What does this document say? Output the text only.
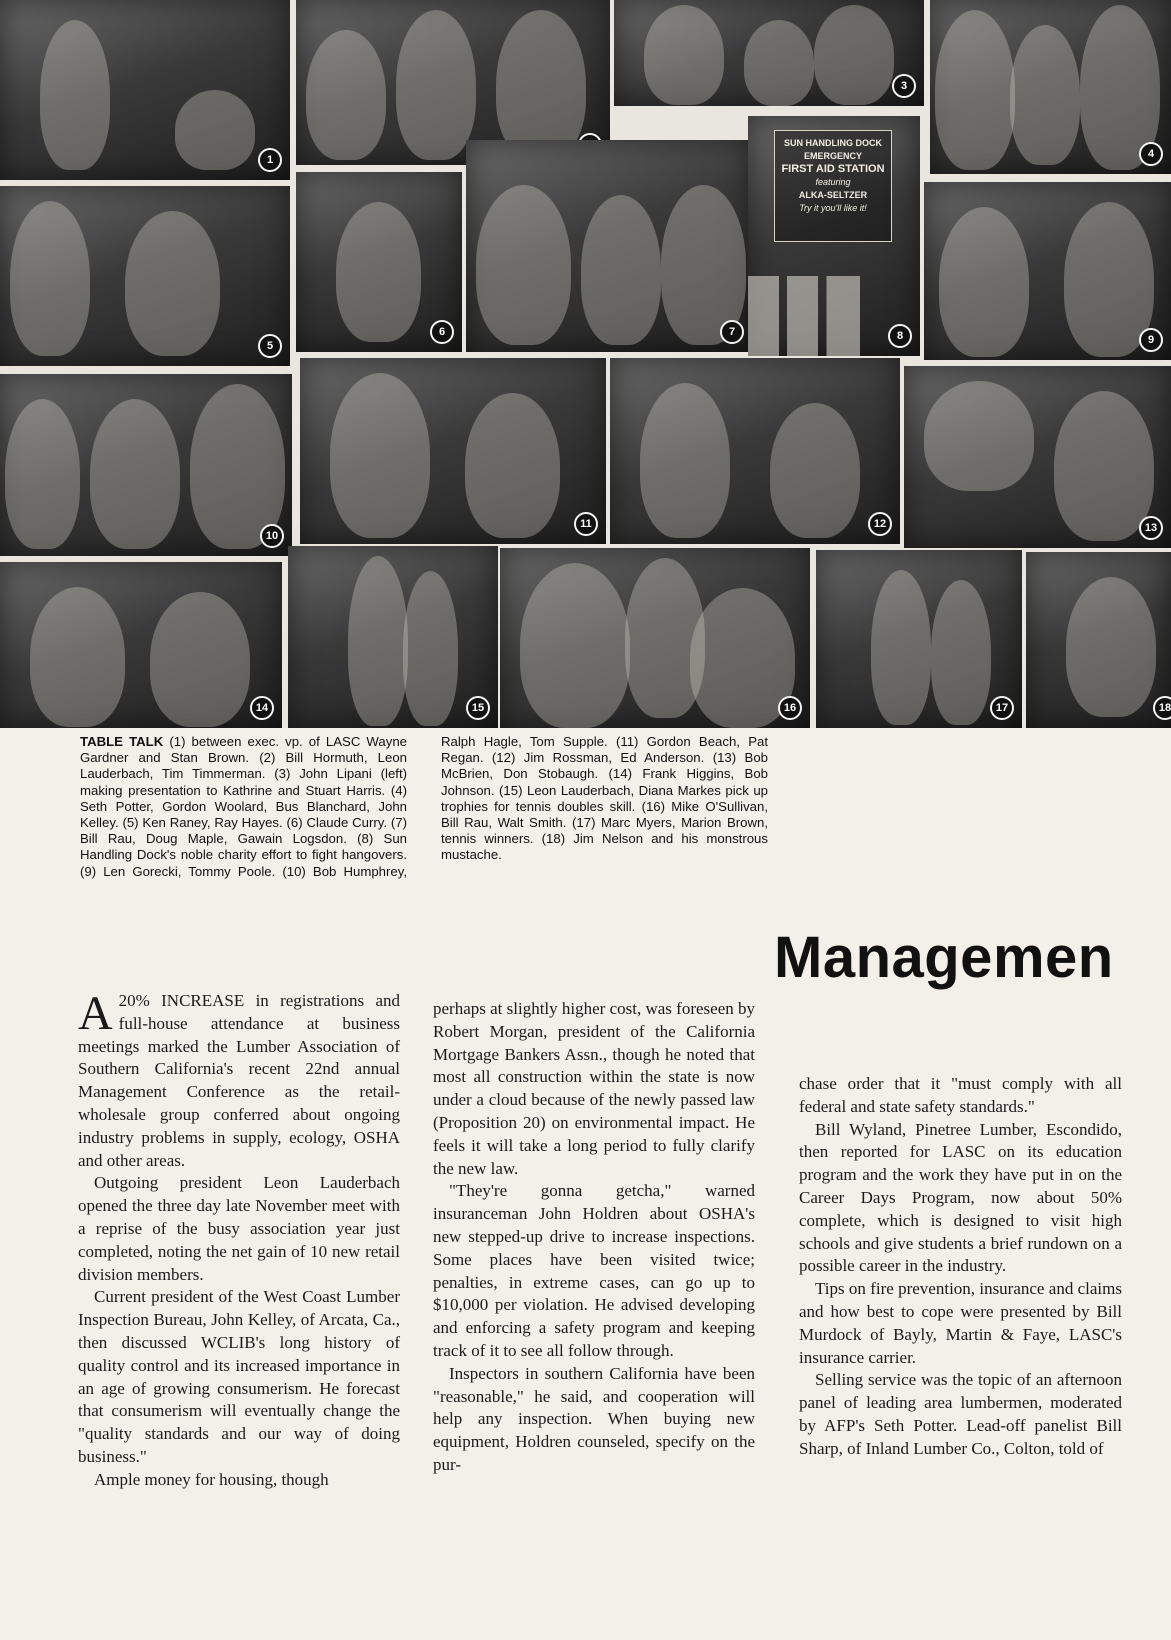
1
3
4
5
6	7
SUN HANDLING DOCK
EMERGENCY
FIRST AID STATION
featuring
ALKA-SELTZER
Try it you'll like it!
8	9
10
11	12	13
14	15	16	17	18

TABLE TALK (1) between exec. vp. of LASC Wayne Gardner and Stan Brown. (2) Bill Hormuth, Leon Lauderbach, Tim Timmerman. (3) John Lipani (left) making presentation to Kathrine and Stuart Harris. (4) Seth Potter, Gordon Woolard, Bus Blanchard, John Kelley. (5) Ken Raney, Ray Hayes. (6) Claude Curry. (7) Bill Rau, Doug Maple, Gawain Logsdon. (8) Sun Handling Dock's noble charity effort to fight hangovers. (9) Len Gorecki, Tommy Poole. (10) Bob Humphrey, Ralph Hagle, Tom Supple. (11) Gordon Beach, Pat Regan. (12) Jim Rossman, Ed Anderson. (13) Bob McBrien, Don Stobaugh. (14) Frank Higgins, Bob Johnson. (15) Leon Lauderbach, Diana Markes pick up trophies for tennis doubles skill. (16) Mike O'Sullivan, Bill Rau, Walt Smith. (17) Marc Myers, Marion Brown, tennis winners. (18) Jim Nelson and his monstrous mustache.

Managemen

A 20% INCREASE in registrations and full-house attendance at business meetings marked the Lumber Association of Southern California's recent 22nd annual Management Conference as the retail-wholesale group conferred about ongoing industry problems in supply, ecology, OSHA and other areas.

Outgoing president Leon Lauderbach opened the three day late November meet with a reprise of the busy association year just completed, noting the net gain of 10 new retail division members.

Current president of the West Coast Lumber Inspection Bureau, John Kelley, of Arcata, Ca., then discussed WCLIB's long history of quality control and its increased importance in an age of growing consumerism. He forecast that consumerism will eventually change the "quality standards and our way of doing business."

Ample money for housing, though

perhaps at slightly higher cost, was foreseen by Robert Morgan, president of the California Mortgage Bankers Assn., though he noted that most all construction within the state is now under a cloud because of the newly passed law (Proposition 20) on environmental impact. He feels it will take a long period to fully clarify the new law.

"They're gonna getcha," warned insuranceman John Holdren about OSHA's new stepped-up drive to increase inspections. Some places have been visited twice; penalties, in extreme cases, can go up to $10,000 per violation. He advised developing and enforcing a safety program and keeping track of it to see all follow through.

Inspectors in southern California have been "reasonable," he said, and cooperation will help any inspection. When buying new equipment, Holdren counseled, specify on the pur-

chase order that it "must comply with all federal and state safety standards."

Bill Wyland, Pinetree Lumber, Escondido, then reported for LASC on its education program and the work they have put in on the Career Days Program, now about 50% complete, which is designed to visit high schools and give students a brief rundown on a possible career in the industry.

Tips on fire prevention, insurance and claims and how best to cope were presented by Bill Murdock of Bayly, Martin & Faye, LASC's insurance carrier.

Selling service was the topic of an afternoon panel of leading area lumbermen, moderated by AFP's Seth Potter. Lead-off panelist Bill Sharp, of Inland Lumber Co., Colton, told of
